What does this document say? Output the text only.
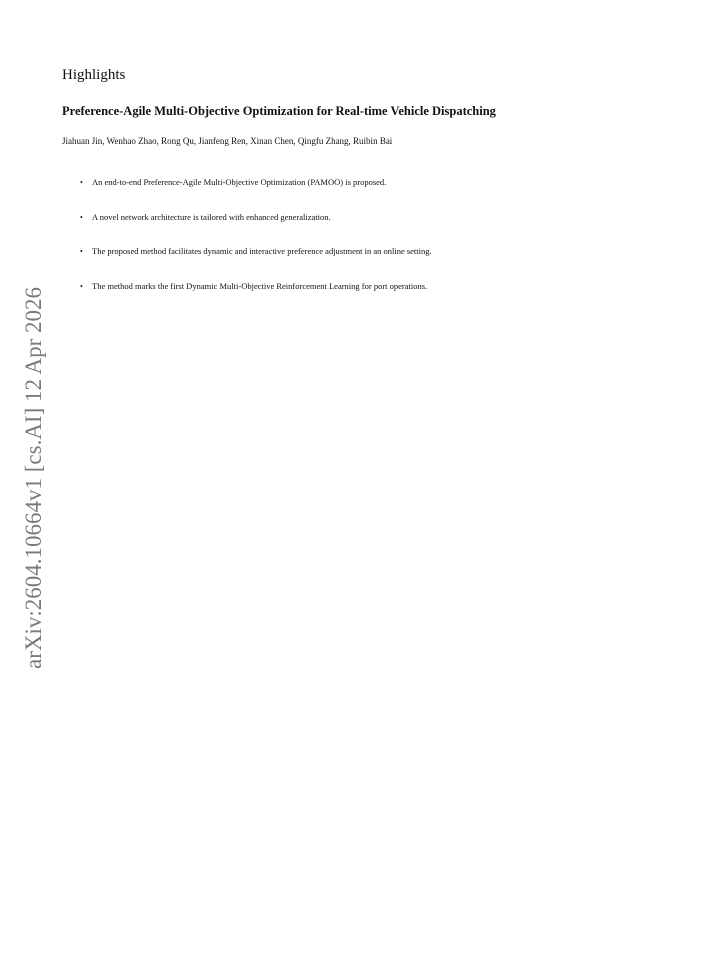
Highlights
Preference-Agile Multi-Objective Optimization for Real-time Vehicle Dispatching

Jiahuan Jin, Wenhao Zhao, Rong Qu, Jianfeng Ren, Xinan Chen, Qingfu Zhang, Ruibin Bai

• An end-to-end Preference-Agile Multi-Objective Optimization (PAMOO) is proposed.
• A novel network architecture is tailored with enhanced generalization.
• The proposed method facilitates dynamic and interactive preference adjustment in an online setting.
• The method marks the first Dynamic Multi-Objective Reinforcement Learning for port operations.
arXiv:2604.10664v1 [cs.AI] 12 Apr 2026
